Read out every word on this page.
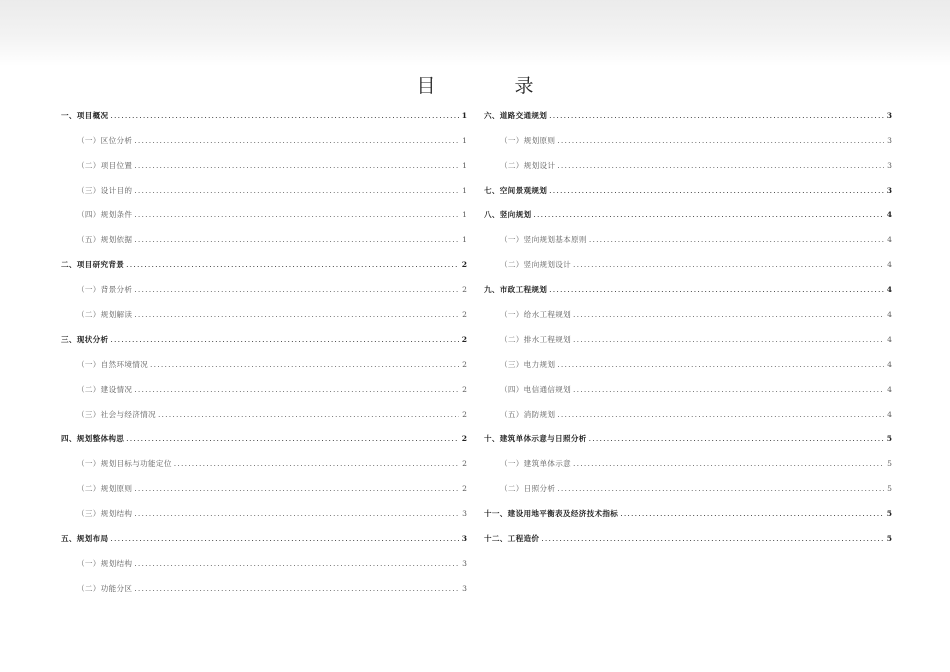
目　录
一、项目概况 .....	1
（一）区位分析 .....	1
（二）项目位置 .....	1
（三）设计目的 .....	1
（四）规划条件 .....	1
（五）规划依据 .....	1
二、项目研究背景 .....	2
（一）背景分析 .....	2
（二）规划解读 .....	2
三、现状分析 .....	2
（一）自然环境情况 .....	2
（二）建设情况 .....	2
（三）社会与经济情况 .....	2
四、规划整体构思 .....	2
（一）规划目标与功能定位 .....	2
（二）规划原则 .....	2
（三）规划结构 .....	3
五、规划布局 .....	3
（一）规划结构 .....	3
（二）功能分区 .....	3
六、道路交通规划 .....	3
（一）规划原则 .....	3
（二）规划设计 .....	3
七、空间景观规划 .....	3
八、竖向规划 .....	4
（一）竖向规划基本原则 .....	4
（二）竖向规划设计 .....	4
九、市政工程规划 .....	4
（一）给水工程规划 .....	4
（二）排水工程规划 .....	4
（三）电力规划 .....	4
（四）电信通信规划 .....	4
（五）消防规划 .....	4
十、建筑单体示意与日照分析 .....	5
（一）建筑单体示意 .....	5
（二）日照分析 .....	5
十一、建设用地平衡表及经济技术指标 .....	5
十二、工程造价 .....	5
